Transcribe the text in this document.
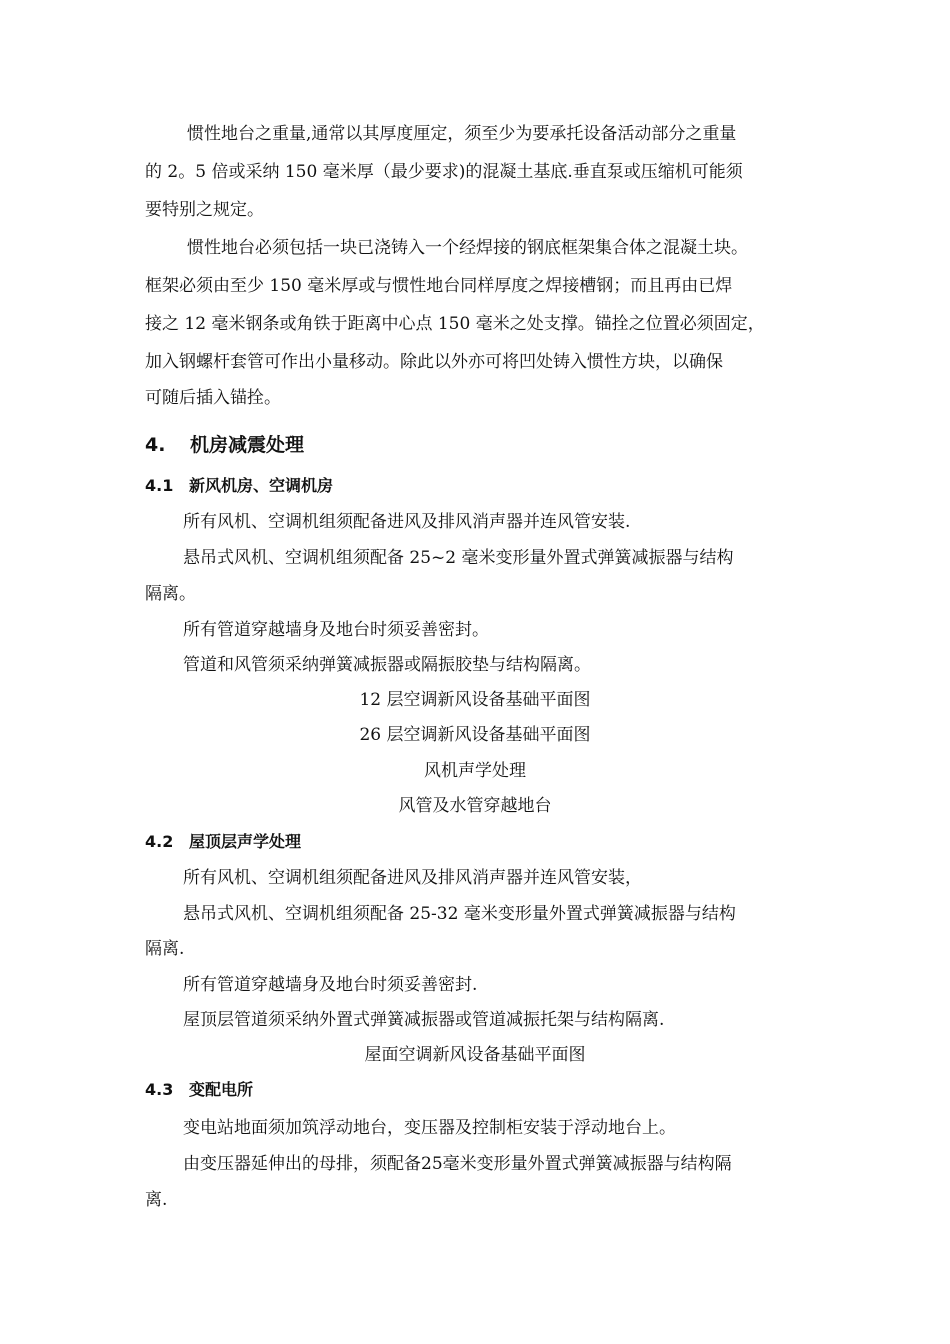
惯性地台之重量,通常以其厚度厘定，须至少为要承托设备活动部分之重量
的 2。5 倍或采纳 150 毫米厚（最少要求)的混凝土基底.垂直泵或压缩机可能须
要特别之规定。
惯性地台必须包括一块已浇铸入一个经焊接的钢底框架集合体之混凝土块。
框架必须由至少 150 毫米厚或与惯性地台同样厚度之焊接槽钢；而且再由已焊
接之 12 毫米钢条或角铁于距离中心点 150 毫米之处支撑。锚拴之位置必须固定，
加入钢螺杆套管可作出小量移动。除此以外亦可将凹处铸入惯性方块，以确保
可随后插入锚拴。
4. 机房减震处理
4.1 新风机房、空调机房
所有风机、空调机组须配备进风及排风消声器并连风管安装.
悬吊式风机、空调机组须配备 25~2 毫米变形量外置式弹簧减振器与结构
隔离。
所有管道穿越墙身及地台时须妥善密封。
管道和风管须采纳弹簧减振器或隔振胶垫与结构隔离。
12 层空调新风设备基础平面图
26 层空调新风设备基础平面图
风机声学处理
风管及水管穿越地台
4.2 屋顶层声学处理
所有风机、空调机组须配备进风及排风消声器并连风管安装，
悬吊式风机、空调机组须配备 25-32 毫米变形量外置式弹簧减振器与结构
隔离.
所有管道穿越墙身及地台时须妥善密封.
屋顶层管道须采纳外置式弹簧减振器或管道减振托架与结构隔离.
屋面空调新风设备基础平面图
4.3 变配电所
变电站地面须加筑浮动地台，变压器及控制柜安装于浮动地台上。
由变压器延伸出的母排，须配备25毫米变形量外置式弹簧减振器与结构隔
离.
